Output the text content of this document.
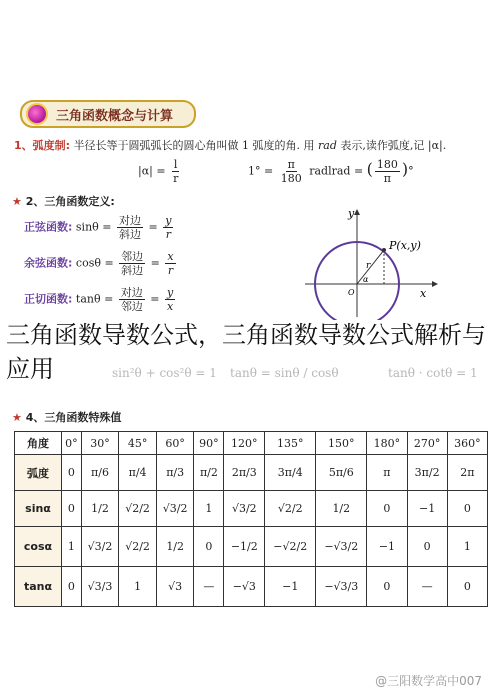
三角函数概念与计算
1、弧度制: 半径长等于圆弧弧长的圆心角叫做 1 弧度的角. 用 rad 表示,读作弧度,记 |α|.
$|\alpha| = \frac{l}{r}$	$1^\circ = \frac{\pi}{180}$ radlrad = ( $\frac{180}{\pi}$ )°
★ 2、三角函数定义:
正弦函数: $\sin\theta = \frac{\text{对边}}{\text{斜边}} = \frac{y}{r}$
余弦函数: $\cos\theta = \frac{\text{邻边}}{\text{斜边}} = \frac{x}{r}$
正切函数: $\tan\theta = \frac{\text{对边}}{\text{邻边}} = \frac{y}{x}$
P(x,y)
r
α
O
y
x
三角函数导数公式，三角函数导数公式解析与应用	sin²θ + cos²θ = 1 tanθ = sinθ / cosθ	tanθ · cotθ = 1
★ 4、三角函数特殊值
角度	0°	30°	45°	60°	90°	120°	135°	150°	180°	270°	360°
弧度	0	π/6	π/4	π/3	π/2	2π/3	3π/4	5π/6	π	3π/2	2π
sinα	0	1/2	√2/2	√3/2	1	√3/2	√2/2	1/2	0	−1	0
cosα	1	√3/2	√2/2	1/2	0	−1/2	−√2/2	−√3/2	−1	0	1
tanα	0	√3/3	1	√3	—	−√3	−1	−√3/3	0	—	0
@三阳数学高中007
